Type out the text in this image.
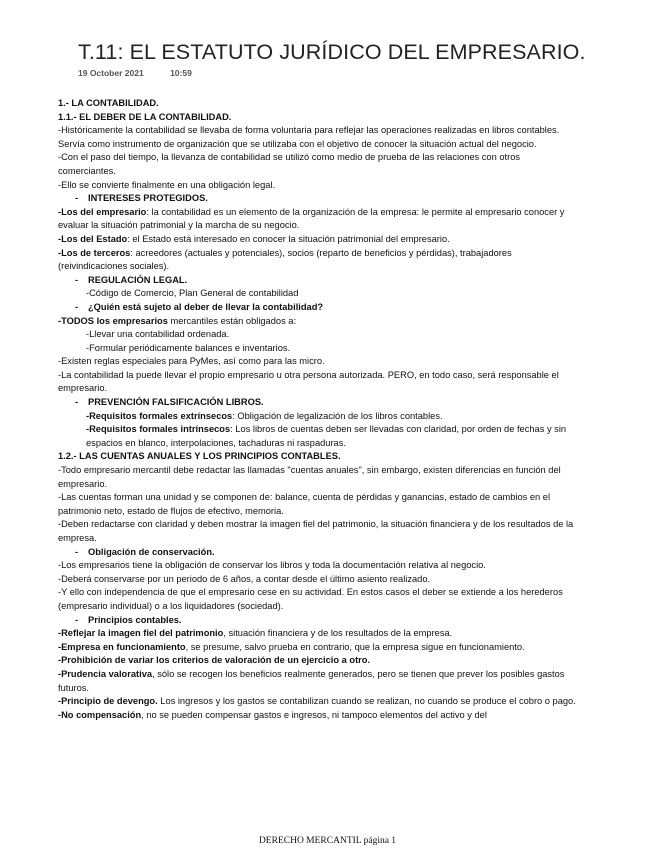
T.11: EL ESTATUTO JURÍDICO DEL EMPRESARIO.
19 October 2021	10:59

1.- LA CONTABILIDAD.

1.1.- EL DEBER DE LA CONTABILIDAD.

-Históricamente la contabilidad se llevaba de forma voluntaria para reflejar las operaciones realizadas en libros contables. Servía como instrumento de organización que se utilizaba con el objetivo de conocer la situación actual del negocio.

-Con el paso del tiempo, la llevanza de contabilidad se utilizó como medio de prueba de las relaciones con otros comerciantes.

-Ello se convierte finalmente en una obligación legal.

- INTERESES PROTEGIDOS.

-Los del empresario: la contabilidad es un elemento de la organización de la empresa: le permite al empresario conocer y evaluar la situación patrimonial y la marcha de su negocio.

-Los del Estado: el Estado está interesado en conocer la situación patrimonial del empresario.

-Los de terceros: acreedores (actuales y potenciales), socios (reparto de beneficios y pérdidas), trabajadores (reivindicaciones sociales).

- REGULACIÓN LEGAL.

-Código de Comercio, Plan General de contabilidad

- ¿Quién está sujeto al deber de llevar la contabilidad?

-TODOS los empresarios mercantiles están obligados a:

-Llevar una contabilidad ordenada.

-Formular periódicamente balances e inventarios.

-Existen reglas especiales para PyMes, así como para las micro.

-La contabilidad la puede llevar el propio empresario u otra persona autorizada. PERO, en todo caso, será responsable el empresario.

- PREVENCIÓN FALSIFICACIÓN LIBROS.

-Requisitos formales extrínsecos: Obligación de legalización de los libros contables.

-Requisitos formales intrínsecos: Los libros de cuentas deben ser llevadas con claridad, por orden de fechas y sin espacios en blanco, interpolaciones, tachaduras ni raspaduras.

1.2.- LAS CUENTAS ANUALES Y LOS PRINCIPIOS CONTABLES.

-Todo empresario mercantil debe redactar las llamadas "cuentas anuales", sin embargo, existen diferencias en función del empresario.

-Las cuentas forman una unidad y se componen de: balance, cuenta de pérdidas y ganancias, estado de cambios en el patrimonio neto, estado de flujos de efectivo, memoria.

-Deben redactarse con claridad y deben mostrar la imagen fiel del patrimonio, la situación financiera y de los resultados de la empresa.

- Obligación de conservación.

-Los empresarios tiene la obligación de conservar los libros y toda la documentación relativa al negocio.

-Deberá conservarse por un periodo de 6 años, a contar desde el último asiento realizado.

-Y ello con independencia de que el empresario cese en su actividad. En estos casos el deber se extiende a los herederos (empresario individual) o a los liquidadores (sociedad).

- Principios contables.

-Reflejar la imagen fiel del patrimonio, situación financiera y de los resultados de la empresa.

-Empresa en funcionamiento, se presume, salvo prueba en contrario, que la empresa sigue en funcionamiento.

-Prohibición de variar los criterios de valoración de un ejercicio a otro.

-Prudencia valorativa, sólo se recogen los beneficios realmente generados, pero se tienen que prever los posibles gastos futuros.

-Principio de devengo. Los ingresos y los gastos se contabilizan cuando se realizan, no cuando se produce el cobro o pago.

-No compensación, no se pueden compensar gastos e ingresos, ni tampoco elementos del activo y del

DERECHO MERCANTIL página 1
